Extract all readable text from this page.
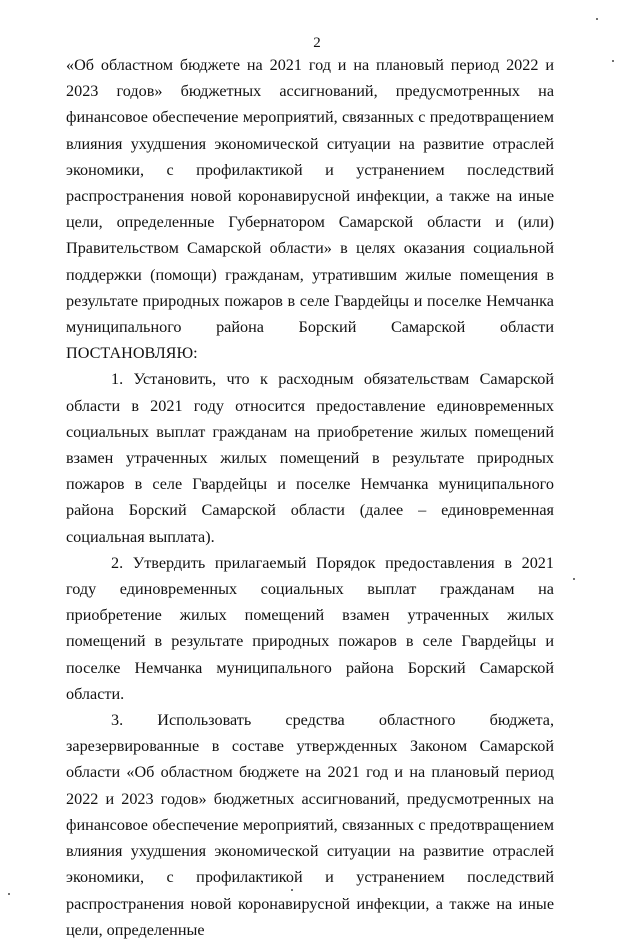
2

«Об областном бюджете на 2021 год и на плановый период 2022 и 2023 годов» бюджетных ассигнований, предусмотренных на финансовое обеспечение мероприятий, связанных с предотвращением влияния ухудшения экономической ситуации на развитие отраслей экономики, с профилактикой и устранением последствий распространения новой коронавирусной инфекции, а также на иные цели, определенные Губернатором Самарской области и (или) Правительством Самарской области» в целях оказания социальной поддержки (помощи) гражданам, утратившим жилые помещения в результате природных пожаров в селе Гвардейцы и поселке Немчанка муниципального района Борский Самарской области ПОСТАНОВЛЯЮ:

1. Установить, что к расходным обязательствам Самарской области в 2021 году относится предоставление единовременных социальных выплат гражданам на приобретение жилых помещений взамен утраченных жилых помещений в результате природных пожаров в селе Гвардейцы и поселке Немчанка муниципального района Борский Самарской области (далее – единовременная социальная выплата).

2. Утвердить прилагаемый Порядок предоставления в 2021 году единовременных социальных выплат гражданам на приобретение жилых помещений взамен утраченных жилых помещений в результате природных пожаров в селе Гвардейцы и поселке Немчанка муниципального района Борский Самарской области.

3. Использовать средства областного бюджета, зарезервированные в составе утвержденных Законом Самарской области «Об областном бюджете на 2021 год и на плановый период 2022 и 2023 годов» бюджетных ассигнований, предусмотренных на финансовое обеспечение мероприятий, связанных с предотвращением влияния ухудшения экономической ситуации на развитие отраслей экономики, с профилактикой и устранением последствий распространения новой коронавирусной инфекции, а также на иные цели, определенные
